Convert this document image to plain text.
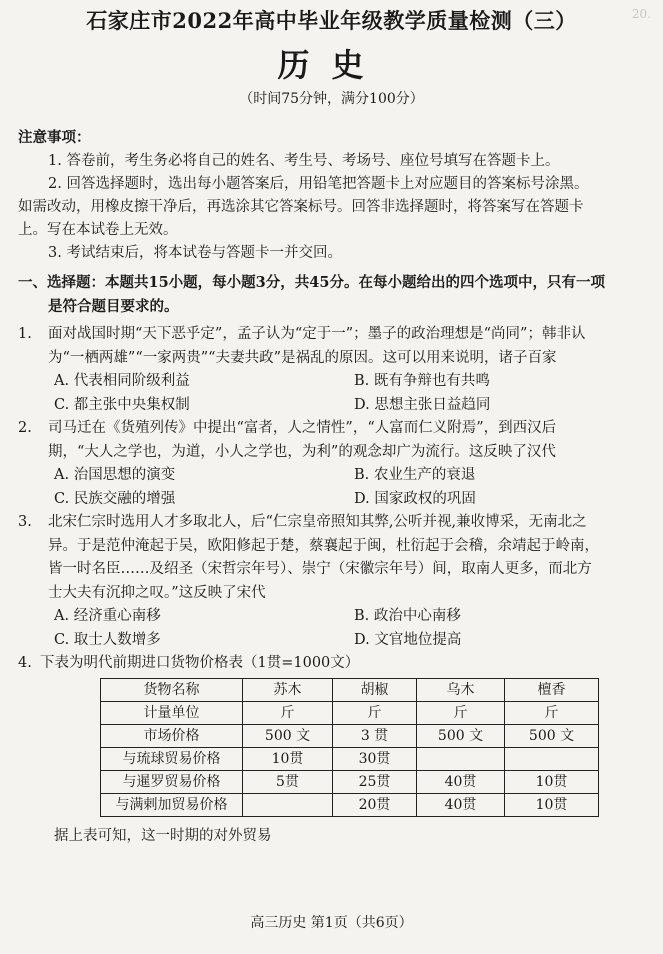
20.
石家庄市2022年高中毕业年级教学质量检测（三）
历史
（时间75分钟，满分100分）
注意事项：
1. 答卷前，考生务必将自己的姓名、考生号、考场号、座位号填写在答题卡上。
2. 回答选择题时，选出每小题答案后，用铅笔把答题卡上对应题目的答案标号涂黑。
如需改动，用橡皮擦干净后，再选涂其它答案标号。回答非选择题时，将答案写在答题卡
上。写在本试卷上无效。
3. 考试结束后，将本试卷与答题卡一并交回。
一、选择题：本题共15小题，每小题3分，共45分。在每小题给出的四个选项中，只有一项
是符合题目要求的。
1. 面对战国时期“天下恶乎定”，孟子认为“定于一”；墨子的政治理想是“尚同”；韩非认
为“一栖两雄”“一家两贵”“夫妻共政”是祸乱的原因。这可以用来说明，诸子百家
A. 代表相同阶级利益	B. 既有争辩也有共鸣
C. 都主张中央集权制	D. 思想主张日益趋同
2. 司马迁在《货殖列传》中提出“富者，人之情性”，“人富而仁义附焉”，到西汉后
期，“大人之学也，为道，小人之学也，为利”的观念却广为流行。这反映了汉代
A. 治国思想的演变	B. 农业生产的衰退
C. 民族交融的增强	D. 国家政权的巩固
3. 北宋仁宗时选用人才多取北人，后“仁宗皇帝照知其弊,公听并视,兼收博采，无南北之
异。于是范仲淹起于吴，欧阳修起于楚，蔡襄起于闽，杜衍起于会稽，余靖起于岭南，
皆一时名臣……及绍圣（宋哲宗年号）、崇宁（宋徽宗年号）间，取南人更多，而北方
士大夫有沉抑之叹。”这反映了宋代
A. 经济重心南移	B. 政治中心南移
C. 取士人数增多	D. 文官地位提高
4. 下表为明代前期进口货物价格表（1贯=1000文）
货物名称	苏木	胡椒	乌木	檀香
计量单位	斤	斤	斤	斤
市场价格	500 文	3 贯	500 文	500 文
与琉球贸易价格	10贯	30贯		
与暹罗贸易价格	5贯	25贯	40贯	10贯
与满剌加贸易价格		20贯	40贯	10贯
据上表可知，这一时期的对外贸易
高三历史 第1页（共6页）
